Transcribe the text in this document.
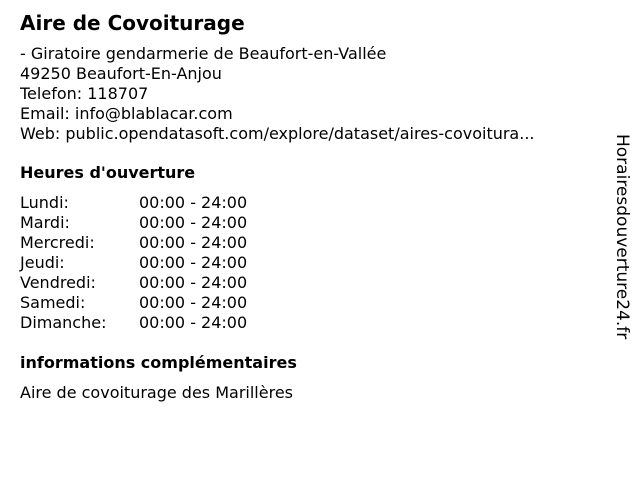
Aire de Covoiturage
- Giratoire gendarmerie de Beaufort-en-Vallée
49250 Beaufort-En-Anjou
Telefon: 118707
Email: info@blablacar.com
Web: public.opendatasoft.com/explore/dataset/aires-covoitura...
Heures d'ouverture
Lundi:	00:00 - 24:00
Mardi:	00:00 - 24:00
Mercredi:	00:00 - 24:00
Jeudi:	00:00 - 24:00
Vendredi:	00:00 - 24:00
Samedi:	00:00 - 24:00
Dimanche:	00:00 - 24:00
informations complémentaires
Aire de covoiturage des Marillères
Horairesdouverture24.fr
